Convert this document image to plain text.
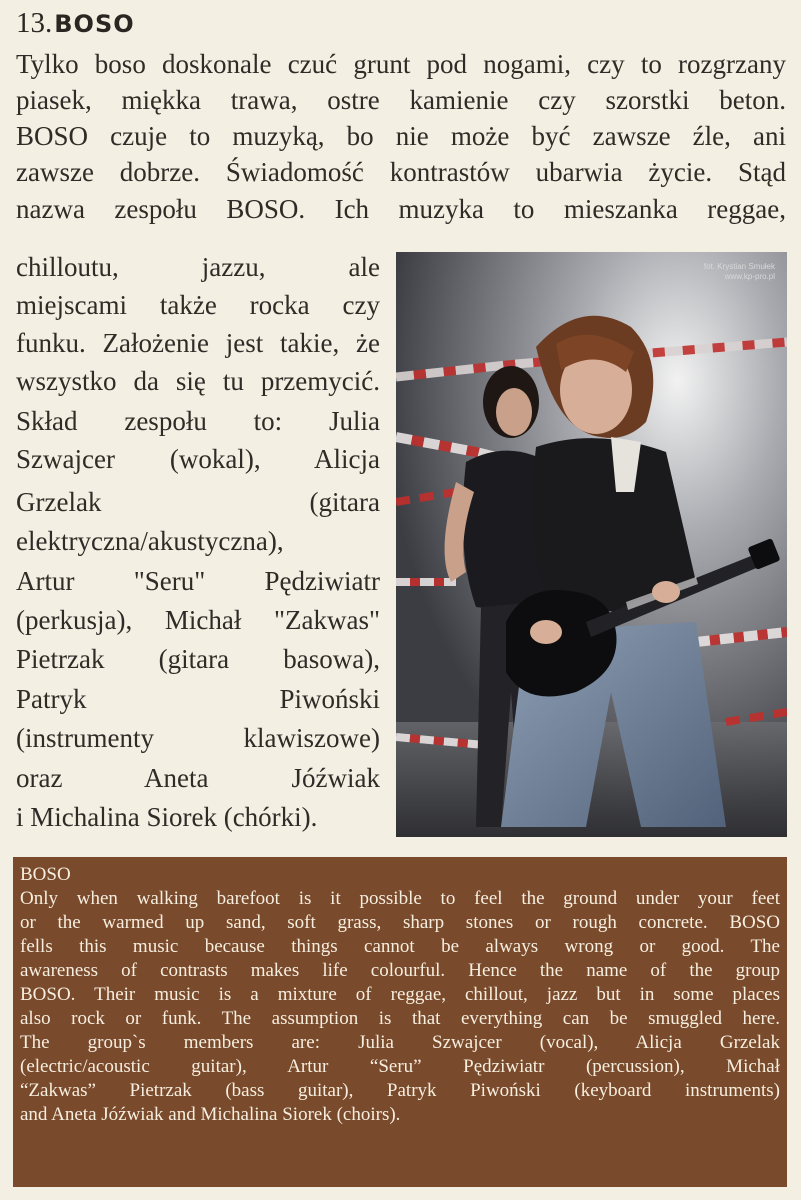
13.BOSO
Tylko boso doskonale czuć grunt pod nogami, czy to rozgrzany
piasek, miękka trawa, ostre kamienie czy szorstki beton.
BOSO czuje to muzyką, bo nie może być zawsze źle, ani
zawsze dobrze. Świadomość kontrastów ubarwia życie. Stąd
nazwa zespołu BOSO. Ich muzyka to mieszanka reggae,
chilloutu, jazzu, ale
miejscami także rocka czy
funku. Założenie jest takie, że
wszystko da się tu przemycić.
Skład zespołu to: Julia
Szwajcer (wokal), Alicja
Grzelak (gitara
elektryczna/akustyczna),
Artur "Seru" Pędziwiatr
(perkusja), Michał "Zakwas"
Pietrzak (gitara basowa),
Patryk Piwoński
(instrumenty klawiszowe)
oraz Aneta Jóźwiak
i Michalina Siorek (chórki).
fot. Krystian Smułek
www.kp-pro.pl
BOSO
Only when walking barefoot is it possible to feel the ground under your feet
or the warmed up sand, soft grass, sharp stones or rough concrete. BOSO
fells this music because things cannot be always wrong or good. The
awareness of contrasts makes life colourful. Hence the name of the group
BOSO. Their music is a mixture of reggae, chillout, jazz but in some places
also rock or funk. The assumption is that everything can be smuggled here.
The group`s members are: Julia Szwajcer (vocal), Alicja Grzelak
(electric/acoustic guitar), Artur “Seru” Pędziwiatr (percussion), Michał
“Zakwas” Pietrzak (bass guitar), Patryk Piwoński (keyboard instruments)
and Aneta Jóźwiak and Michalina Siorek (choirs).
